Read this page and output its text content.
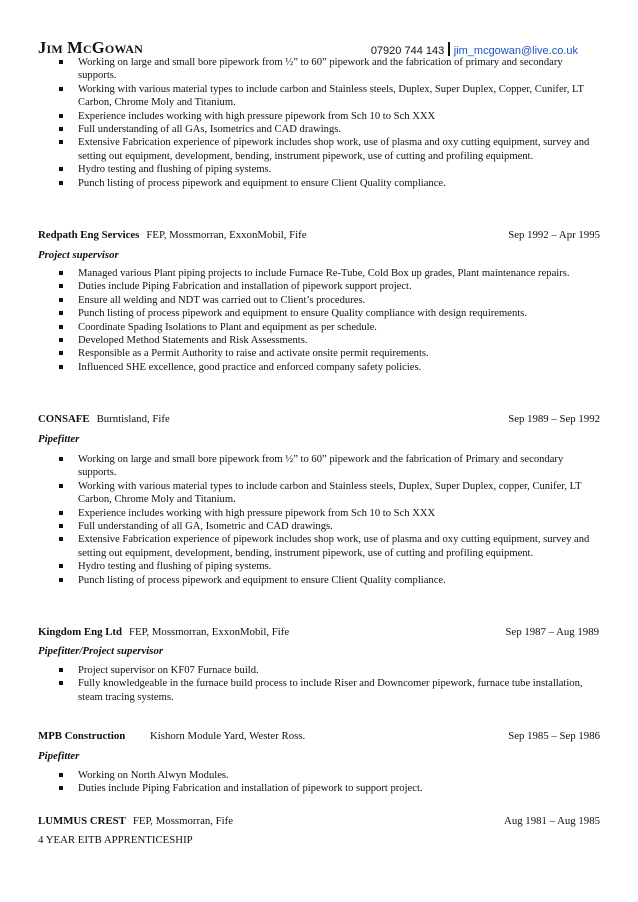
Jim McGowan	07920 744 143 jim_mcgowan@live.co.uk
Working on large and small bore pipework from ½” to 60” pipework and the fabrication of primary and secondary supports.
Working with various material types to include carbon and Stainless steels, Duplex, Super Duplex, Copper, Cunifer, LT Carbon, Chrome Moly and Titanium.
Experience includes working with high pressure pipework from Sch 10 to Sch XXX
Full understanding of all GAs, Isometrics and CAD drawings.
Extensive Fabrication experience of pipework includes shop work, use of plasma and oxy cutting equipment, survey and setting out equipment, development, bending, instrument pipework, use of cutting and profiling equipment.
Hydro testing and flushing of piping systems.
Punch listing of process pipework and equipment to ensure Client Quality compliance.
Redpath Eng Services FEP, Mossmorran, ExxonMobil, Fife	Sep 1992 – Apr 1995
Project supervisor
Managed various Plant piping projects to include Furnace Re-Tube, Cold Box up grades, Plant maintenance repairs.
Duties include Piping Fabrication and installation of pipework support project.
Ensure all welding and NDT was carried out to Client’s procedures.
Punch listing of process pipework and equipment to ensure Quality compliance with design requirements.
Coordinate Spading Isolations to Plant and equipment as per schedule.
Developed Method Statements and Risk Assessments.
Responsible as a Permit Authority to raise and activate onsite permit requirements.
Influenced SHE excellence, good practice and enforced company safety policies.
CONSAFE Burntisland, Fife	Sep 1989 – Sep 1992
Pipefitter
Working on large and small bore pipework from ½” to 60” pipework and the fabrication of Primary and secondary supports.
Working with various material types to include carbon and Stainless steels, Duplex, Super Duplex, copper, Cunifer, LT Carbon, Chrome Moly and Titanium.
Experience includes working with high pressure pipework from Sch 10 to Sch XXX
Full understanding of all GA, Isometric and CAD drawings.
Extensive Fabrication experience of pipework includes shop work, use of plasma and oxy cutting equipment, survey and setting out equipment, development, bending, instrument pipework, use of cutting and profiling equipment.
Hydro testing and flushing of piping systems.
Punch listing of process pipework and equipment to ensure Client Quality compliance.
Kingdom Eng Ltd FEP, Mossmorran, ExxonMobil, Fife	Sep 1987 – Aug 1989
Pipefitter/Project supervisor
Project supervisor on KF07 Furnace build.
Fully knowledgeable in the furnace build process to include Riser and Downcomer pipework, furnace tube installation, steam tracing systems.
MPB Construction Kishorn Module Yard, Wester Ross.	Sep 1985 – Sep 1986
Pipefitter
Working on North Alwyn Modules.
Duties include Piping Fabrication and installation of pipework to support project.
LUMMUS CREST FEP, Mossmorran, Fife	Aug 1981 – Aug 1985
4 YEAR EITB APPRENTICESHIP
